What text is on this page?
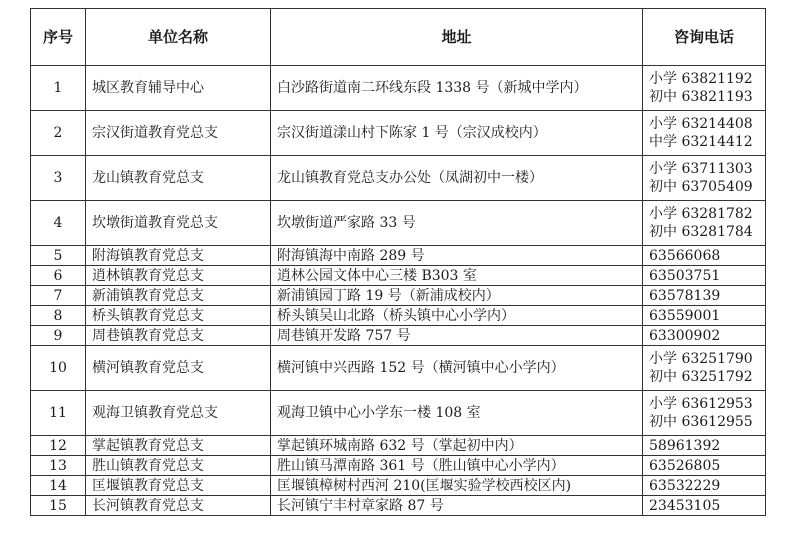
序号	单位名称	地址	咨询电话
1	城区教育辅导中心	白沙路街道南二环线东段 1338 号（新城中学内）	小学 63821192
初中 63821193

2	宗汉街道教育党总支	宗汉街道漾山村下陈家 1 号（宗汉成校内）	小学 63214408
中学 63214412

3	龙山镇教育党总支	龙山镇教育党总支办公处（凤湖初中一楼）	小学 63711303
初中 63705409

4	坎墩街道教育党总支	坎墩街道严家路 33 号	小学 63281782
初中 63281784

5	附海镇教育党总支	附海镇海中南路 289 号	63566068

6	逍林镇教育党总支	逍林公园文体中心三楼 B303 室	63503751

7	新浦镇教育党总支	新浦镇园丁路 19 号（新浦成校内）	63578139

8	桥头镇教育党总支	桥头镇吴山北路（桥头镇中心小学内）	63559001

9	周巷镇教育党总支	周巷镇开发路 757 号	63300902

10	横河镇教育党总支	横河镇中兴西路 152 号（横河镇中心小学内）	小学 63251790
初中 63251792

11	观海卫镇教育党总支	观海卫镇中心小学东一楼 108 室	小学 63612953
初中 63612955

12	掌起镇教育党总支	掌起镇环城南路 632 号（掌起初中内）	58961392

13	胜山镇教育党总支	胜山镇马潭南路 361 号（胜山镇中心小学内）	63526805

14	匡堰镇教育党总支	匡堰镇樟树村西河 210(匡堰实验学校西校区内)	63532229

15	长河镇教育党总支	长河镇宁丰村章家路 87 号	23453105
